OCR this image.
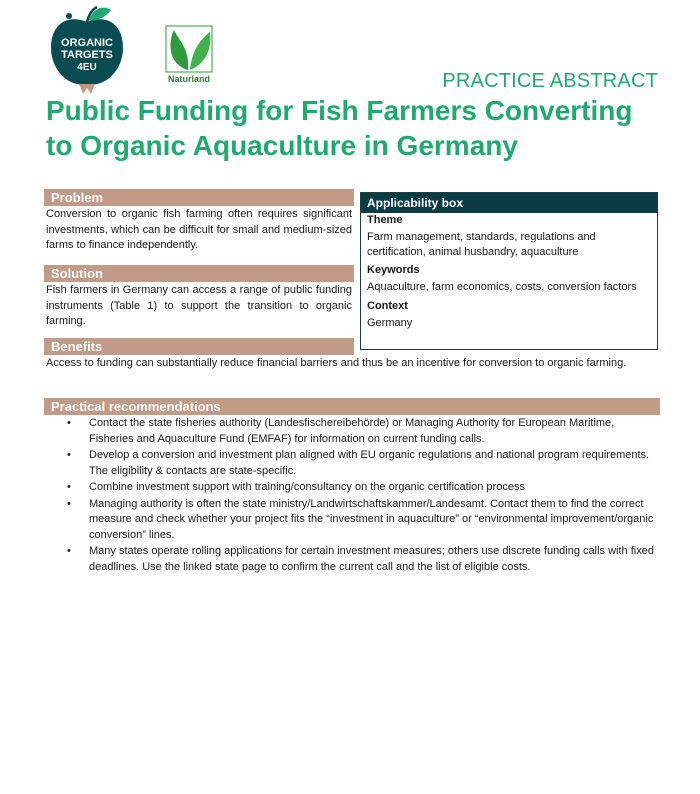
ORGANIC
TARGETS
4EU
Naturland	PRACTICE ABSTRACT
Public Funding for Fish Farmers Converting to Organic Aquaculture in Germany
Problem

Conversion to organic fish farming often requires significant investments, which can be difficult for small and medium-sized farms to finance independently.

Solution

Fish farmers in Germany can access a range of public funding instruments (Table 1) to support the transition to organic farming.

Benefits

Access to funding can substantially reduce financial barriers and thus be an incentive for conversion to organic farming.

Applicability box
Theme
Farm management, standards, regulations and certification, animal husbandry, aquaculture
Keywords
Aquaculture, farm economics, costs, conversion factors
Context
Germany
Practical recommendations
• Contact the state fisheries authority (Landesfischereibehörde) or Managing Authority for European Maritime, Fisheries and Aquaculture Fund (EMFAF) for information on current funding calls.
• Develop a conversion and investment plan aligned with EU organic regulations and national program requirements. The eligibility & contacts are state-specific.
• Combine investment support with training/consultancy on the organic certification process
• Managing authority is often the state ministry/Landwirtschaftskammer/Landesamt. Contact them to find the correct measure and check whether your project fits the “investment in aquaculture” or “environmental improvement/organic conversion” lines.
• Many states operate rolling applications for certain investment measures; others use discrete funding calls with fixed deadlines. Use the linked state page to confirm the current call and the list of eligible costs.
